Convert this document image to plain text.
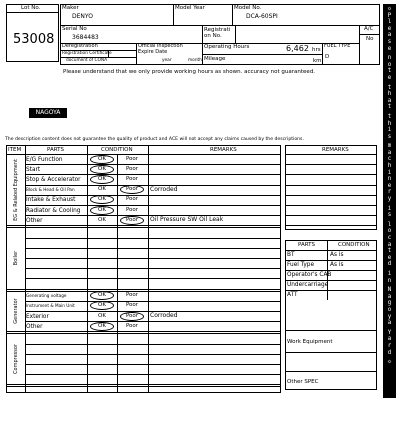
Lot No.
53008
Maker
DENYO
Model Year	Model No.
DCA-60SPI
Serial No
3684483
Registrati on No.
A/C
No
Deregistration
Registration Certificate
document of CONA
Official Inspection Expire Date
year	month
Operating Hours	6,462 hrs
Mileage	km
FUEL TYPE
D
Please understand that we only provide working hours as shown. accuracy not guaranteed.
NAGOYA
The description content does not guarantee the quality of product and ACE will not accept any claims caused by the descriptions.
◇
P
l
e
a
s
e
n
o
t
e
t
h
a
t
t
h
i
s
m
a
c
h
i
n
e
r
y
i
s
l
o
c
a
t
e
d
i
n
N
a
g
o
y
a
Y
a
r
d
◇
ITEM	PARTS	CONDITION	REMARKS
E/G Function	OK	Poor
Start	OK	Poor
Stop & Accelerator	OK	Poor
Block & Head & Oil Pan	OK	Poor	Corroded
Intake & Exhaust	OK	Poor
Radiator & Cooling	OK	Poor
Other	OK	Poor	Oil Pressure SW Oil Leak
EG & Related Equipment
Boiler
Generating voltage	OK	Poor
Instrument & Main Unit	OK	Poor
Exterior	OK	Poor	Corroded
Other	OK	Poor
Generator
Compressor
REMARKS
PARTS	CONDITION
BT	As is
Fuel Type	As is
Operator's CAB
Undercarriage
ATT
Work Equipment
Other SPEC
